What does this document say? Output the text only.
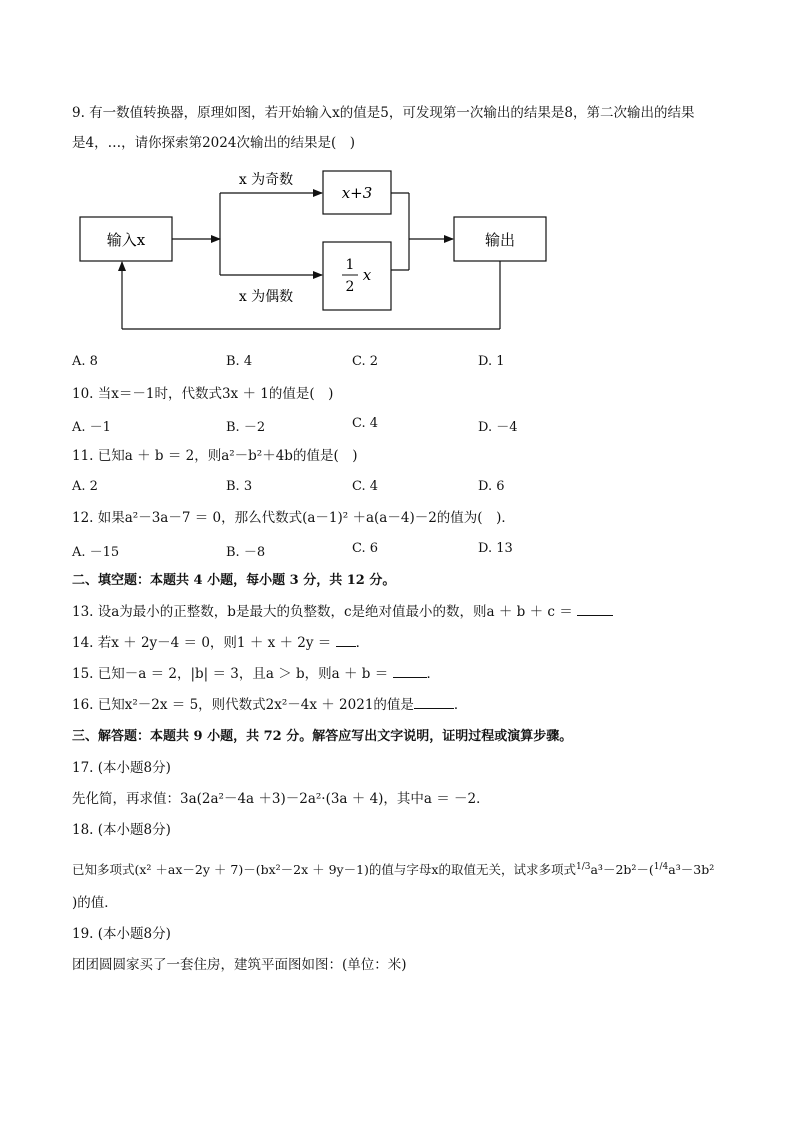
9. 有一数值转换器，原理如图，若开始输入x的值是5，可发现第一次输出的结果是8，第二次输出的结果
是4，…，请你探索第2024次输出的结果是(　)
输入x
x 为奇数
x 为偶数
x+3
1
2
x
输出
A. 8	B. 4	C. 2	D. 1
10. 当x＝－1时，代数式3x ＋ 1的值是(　)
A. －1	B. －2	C. 4	D. －4
11. 已知a ＋ b ＝ 2，则a²－b²＋4b的值是(　)
A. 2	B. 3	C. 4	D. 6
12. 如果a²－3a－7 ＝ 0，那么代数式(a－1)² ＋a(a－4)－2的值为(　)．
A. －15	B. －8	C. 6	D. 13
二、填空题：本题共 4 小题，每小题 3 分，共 12 分。
13. 设a为最小的正整数，b是最大的负整数，c是绝对值最小的数，则a ＋ b ＋ c ＝
14. 若x ＋ 2y－4 ＝ 0，则1 ＋ x ＋ 2y ＝ ．
15. 已知－a ＝ 2，|b| ＝ 3，且a ＞ b，则a ＋ b ＝	．
16. 已知x²－2x ＝ 5，则代数式2x²－4x ＋ 2021的值是	．
三、解答题：本题共 9 小题，共 72 分。解答应写出文字说明，证明过程或演算步骤。
17. (本小题8分)
先化简，再求值：3a(2a²－4a ＋3)－2a²·(3a ＋ 4)，其中a ＝ －2．
18. (本小题8分)
已知多项式(x² ＋ax－2y ＋ 7)－(bx²－2x ＋ 9y－1)的值与字母x的取值无关，试求多项式$^{1/3}$a³－2b²－($^{1/4}$a³－3b²
)的值．
19. (本小题8分)
团团圆圆家买了一套住房，建筑平面图如图：(单位：米)
